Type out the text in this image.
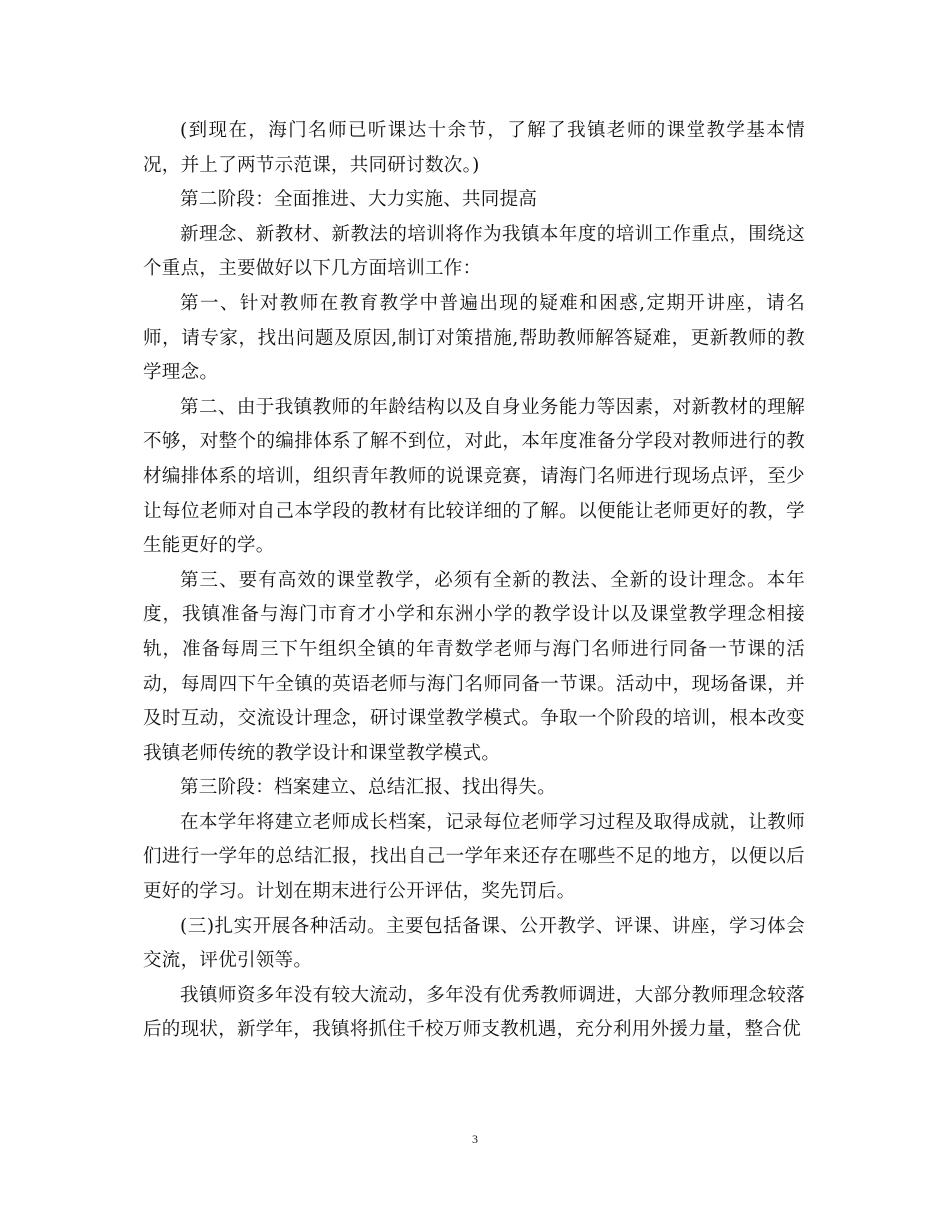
(到现在，海门名师已听课达十余节，了解了我镇老师的课堂教学基本情况，并上了两节示范课，共同研讨数次。)

第二阶段：全面推进、大力实施、共同提高

新理念、新教材、新教法的培训将作为我镇本年度的培训工作重点，围绕这个重点，主要做好以下几方面培训工作：

第一、针对教师在教育教学中普遍出现的疑难和困惑,定期开讲座，请名师，请专家，找出问题及原因,制订对策措施,帮助教师解答疑难，更新教师的教学理念。

第二、由于我镇教师的年龄结构以及自身业务能力等因素，对新教材的理解不够，对整个的编排体系了解不到位，对此，本年度准备分学段对教师进行的教材编排体系的培训，组织青年教师的说课竞赛，请海门名师进行现场点评，至少让每位老师对自己本学段的教材有比较详细的了解。以便能让老师更好的教，学生能更好的学。

第三、要有高效的课堂教学，必须有全新的教法、全新的设计理念。本年度，我镇准备与海门市育才小学和东洲小学的教学设计以及课堂教学理念相接轨，准备每周三下午组织全镇的年青数学老师与海门名师进行同备一节课的活动，每周四下午全镇的英语老师与海门名师同备一节课。活动中，现场备课，并及时互动，交流设计理念，研讨课堂教学模式。争取一个阶段的培训，根本改变我镇老师传统的教学设计和课堂教学模式。

第三阶段：档案建立、总结汇报、找出得失。

在本学年将建立老师成长档案，记录每位老师学习过程及取得成就，让教师们进行一学年的总结汇报，找出自己一学年来还存在哪些不足的地方，以便以后更好的学习。计划在期末进行公开评估，奖先罚后。

(三)扎实开展各种活动。主要包括备课、公开教学、评课、讲座，学习体会交流，评优引领等。

我镇师资多年没有较大流动，多年没有优秀教师调进，大部分教师理念较落后的现状，新学年，我镇将抓住千校万师支教机遇，充分利用外援力量，整合优

3
